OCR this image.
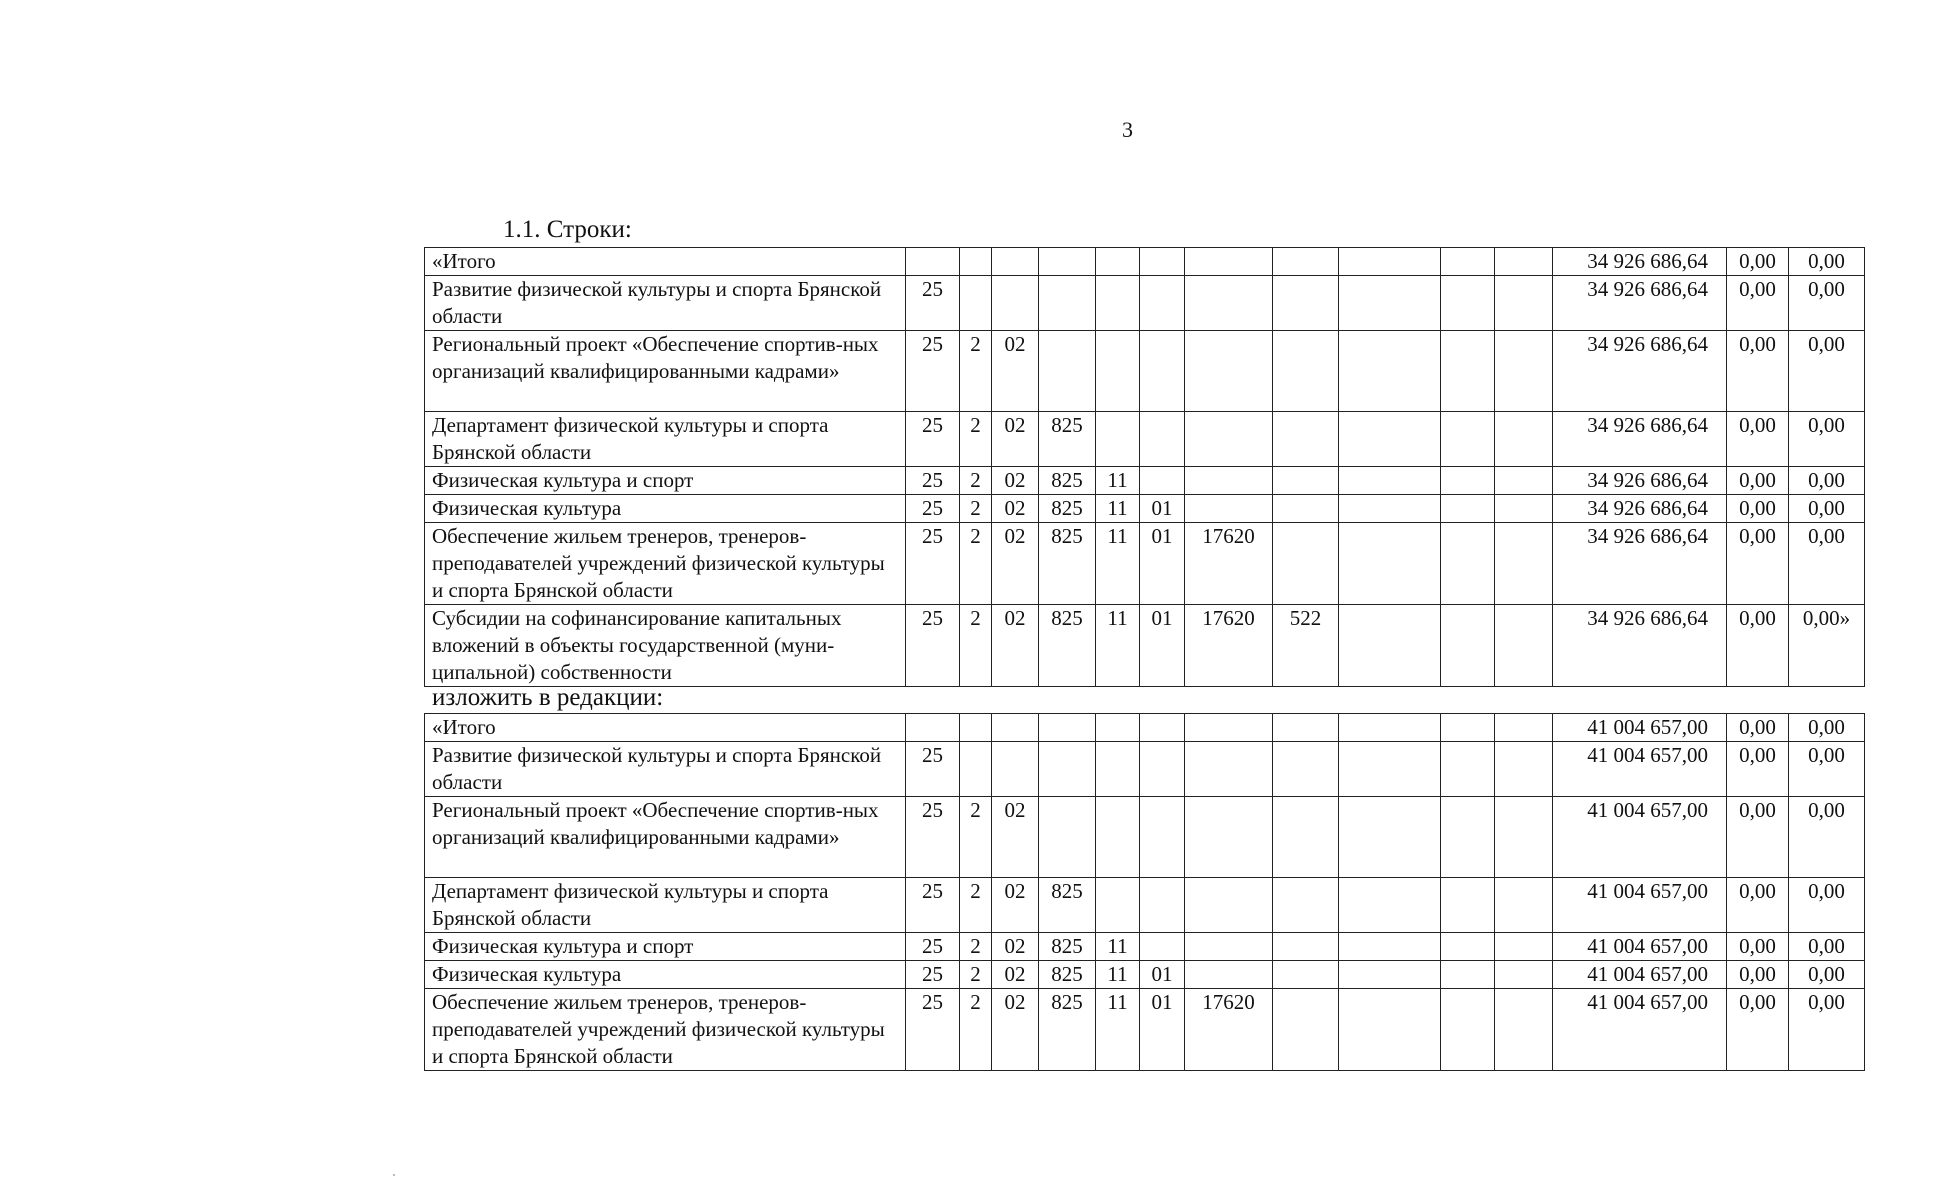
3
1.1. Строки:
изложить в редакции:
«Итого												34 926 686,64	0,00	0,00
Развитие физической культуры и спорта Брянской области	25											34 926 686,64	0,00	0,00
Региональный проект «Обеспечение спортив-ных организаций квалифицированными кадрами»	25	2	02									34 926 686,64	0,00	0,00
Департамент физической культуры и спорта Брянской области	25	2	02	825								34 926 686,64	0,00	0,00
Физическая культура и спорт	25	2	02	825	11							34 926 686,64	0,00	0,00
Физическая культура	25	2	02	825	11	01						34 926 686,64	0,00	0,00
Обеспечение жильем тренеров, тренеров-преподавателей учреждений физической культуры и спорта Брянской области	25	2	02	825	11	01	17620					34 926 686,64	0,00	0,00
Субсидии на софинансирование капитальных вложений в объекты государственной (муни-ципальной) собственности	25	2	02	825	11	01	17620	522				34 926 686,64	0,00	0,00»
«Итого												41 004 657,00	0,00	0,00
Развитие физической культуры и спорта Брянской области	25											41 004 657,00	0,00	0,00
Региональный проект «Обеспечение спортив-ных организаций квалифицированными кадрами»	25	2	02									41 004 657,00	0,00	0,00
Департамент физической культуры и спорта Брянской области	25	2	02	825								41 004 657,00	0,00	0,00
Физическая культура и спорт	25	2	02	825	11							41 004 657,00	0,00	0,00
Физическая культура	25	2	02	825	11	01						41 004 657,00	0,00	0,00
Обеспечение жильем тренеров, тренеров-преподавателей учреждений физической культуры и спорта Брянской области	25	2	02	825	11	01	17620					41 004 657,00	0,00	0,00
